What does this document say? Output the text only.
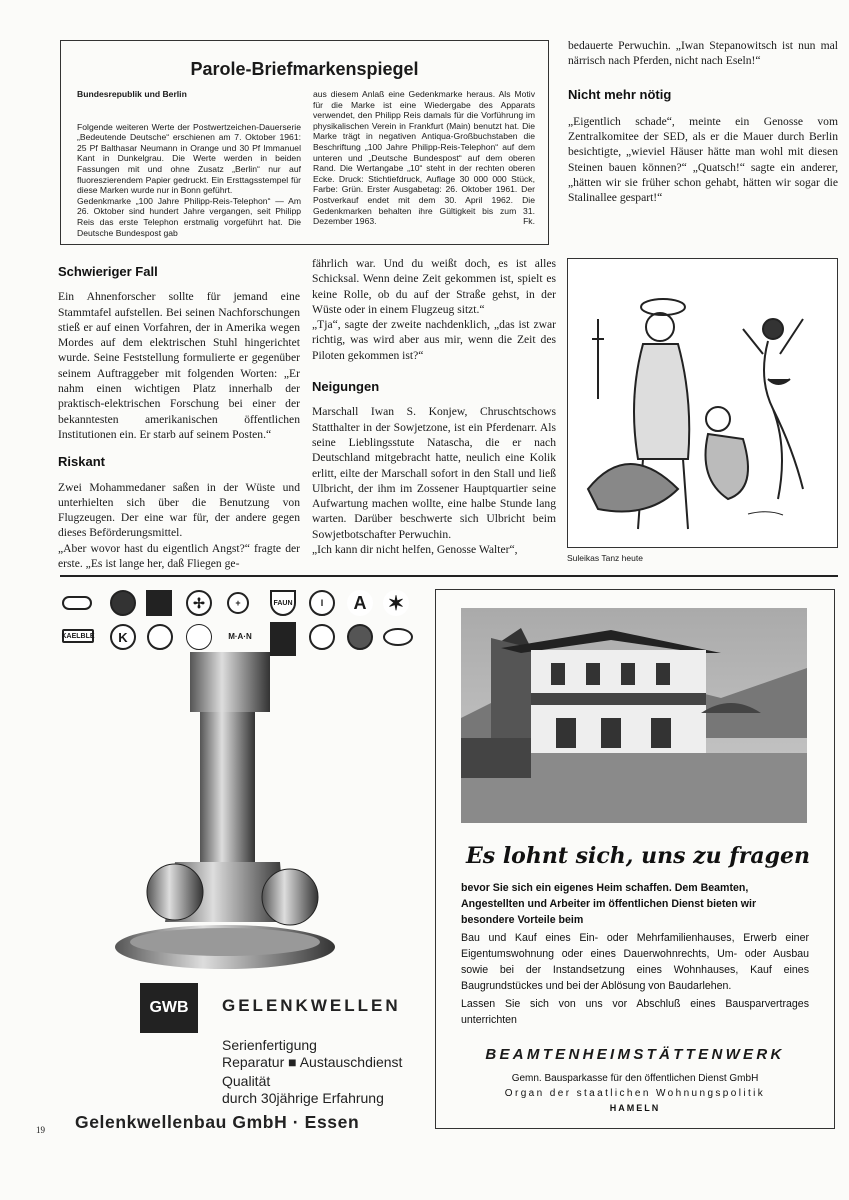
Parole-Briefmarkenspiegel

Bundesrepublik und Berlin

Folgende weiteren Werte der Postwertzeichen-Dauerserie „Bedeutende Deutsche“ erschienen am 7. Oktober 1961: 25 Pf Balthasar Neumann in Orange und 30 Pf Immanuel Kant in Dunkelgrau. Die Werte werden in beiden Fassungen mit und ohne Zusatz „Berlin“ nur auf fluoreszierendem Papier gedruckt. Ein Ersttagsstempel für diese Marken wurde nur in Bonn geführt.

Gedenkmarke „100 Jahre Philipp-Reis-Telephon“ — Am 26. Oktober sind hundert Jahre vergangen, seit Philipp Reis das erste Telephon erstmalig vorgeführt hat. Die Deutsche Bundespost gab

aus diesem Anlaß eine Gedenkmarke heraus. Als Motiv für die Marke ist eine Wiedergabe des Apparats verwendet, den Philipp Reis damals für die Vorführung im physikalischen Verein in Frankfurt (Main) benutzt hat. Die Marke trägt in negativen Antiqua-Großbuchstaben die Beschriftung „100 Jahre Philipp-Reis-Telephon“ auf dem unteren und „Deutsche Bundespost“ auf dem oberen Rand. Die Wertangabe „10“ steht in der rechten oberen Ecke. Druck: Stichtiefdruck, Auflage 30 000 000 Stück, Farbe: Grün. Erster Ausgabetag: 26. Oktober 1961. Der Postverkauf endet mit dem 30. April 1962. Die Gedenkmarken behalten ihre Gültigkeit bis zum 31. Dezember 1963.	Fk.

bedauerte Perwuchin. „Iwan Stepanowitsch ist nun mal närrisch nach Pferden, nicht nach Eseln!“

Nicht mehr nötig

„Eigentlich schade“, meinte ein Genosse vom Zentralkomitee der SED, als er die Mauer durch Berlin besichtigte, „wieviel Häuser hätte man wohl mit diesen Steinen bauen können?“ „Quatsch!“ sagte ein anderer, „hätten wir sie früher schon gehabt, hätten wir sogar die Stalinallee gespart!“

Schwieriger Fall

Ein Ahnenforscher sollte für jemand eine Stammtafel aufstellen. Bei seinen Nachforschungen stieß er auf einen Vorfahren, der in Amerika wegen Mordes auf dem elektrischen Stuhl hingerichtet wurde. Seine Feststellung formulierte er gegenüber seinem Auftraggeber mit folgenden Worten: „Er nahm einen wichtigen Platz innerhalb der praktisch-elektrischen Forschung bei einer der bekanntesten amerikanischen öffentlichen Institutionen ein. Er starb auf seinem Posten.“

Riskant

Zwei Mohammedaner saßen in der Wüste und unterhielten sich über die Benutzung von Flugzeugen. Der eine war für, der andere gegen dieses Beförderungsmittel.

„Aber wovor hast du eigentlich Angst?“ fragte der erste. „Es ist lange her, daß Fliegen ge-

fährlich war. Und du weißt doch, es ist alles Schicksal. Wenn deine Zeit gekommen ist, spielt es keine Rolle, ob du auf der Straße gehst, in der Wüste oder in einem Flugzeug sitzt.“

„Tja“, sagte der zweite nachdenklich, „das ist zwar richtig, was wird aber aus mir, wenn die Zeit des Piloten gekommen ist?“

Neigungen

Marschall Iwan S. Konjew, Chruschtschows Statthalter in der Sowjetzone, ist ein Pferdenarr. Als seine Lieblingsstute Natascha, die er nach Deutschland mitgebracht hatte, neulich eine Kolik erlitt, eilte der Marschall sofort in den Stall und ließ Ulbricht, der ihm im Zossener Hauptquartier seine Aufwartung machen wollte, eine halbe Stunde lang warten. Darüber beschwerte sich Ulbricht beim Sowjetbotschafter Perwuchin.

„Ich kann dir nicht helfen, Genosse Walter“,

Suleikas Tanz heute
✢	+	FAUN	I	A	✶
KAELBLE	K	M·A·N
GWB	GELENKWELLEN
Serienfertigung
Reparatur ■ Austauschdienst
Qualität
durch 30jährige Erfahrung
Gelenkwellenbau GmbH · Essen
19
Es lohnt sich, uns zu fragen

bevor Sie sich ein eigenes Heim schaffen. Dem Beamten, Angestellten und Arbeiter im öffentlichen Dienst bieten wir besondere Vorteile beim

Bau und Kauf eines Ein- oder Mehrfamilienhauses, Erwerb einer Eigentumswohnung oder eines Dauerwohnrechts, Um- oder Ausbau sowie bei der Instandsetzung eines Wohnhauses, Kauf eines Baugrundstückes und bei der Ablösung von Baudarlehen.

Lassen Sie sich von uns vor Abschluß eines Bausparvertrages unterrichten

BEAMTENHEIMSTÄTTENWERK
Gemn. Bausparkasse für den öffentlichen Dienst GmbH
Organ der staatlichen Wohnungspolitik
HAMELN
